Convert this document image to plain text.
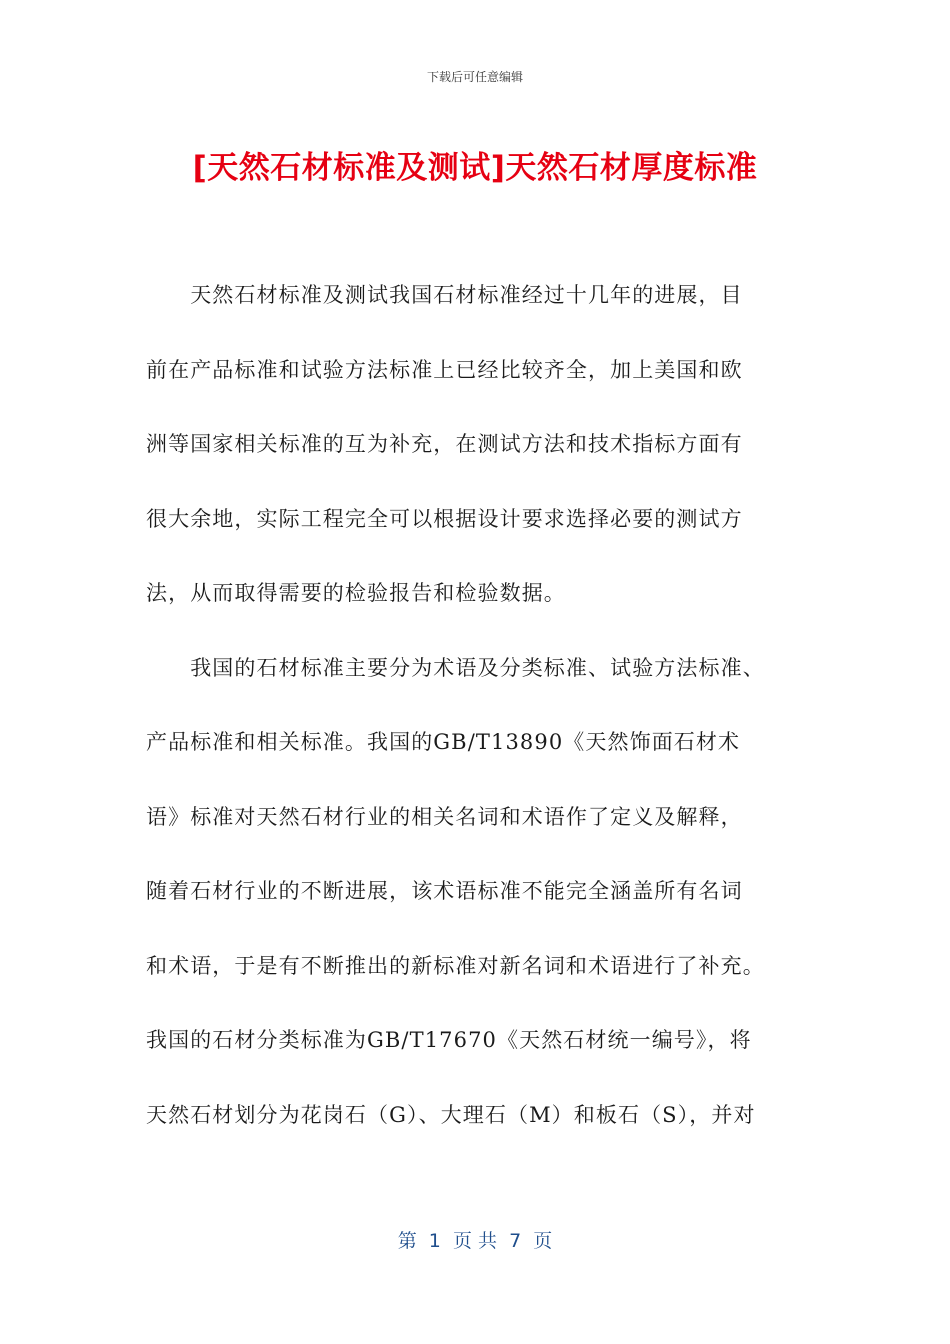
下载后可任意编辑
[天然石材标准及测试]天然石材厚度标准
　　天然石材标准及测试我国石材标准经过十几年的进展，目
前在产品标准和试验方法标准上已经比较齐全，加上美国和欧
洲等国家相关标准的互为补充，在测试方法和技术指标方面有
很大余地，实际工程完全可以根据设计要求选择必要的测试方
法，从而取得需要的检验报告和检验数据。
　　我国的石材标准主要分为术语及分类标准、试验方法标准、
产品标准和相关标准。我国的GB/T13890《天然饰面石材术
语》标准对天然石材行业的相关名词和术语作了定义及解释，
随着石材行业的不断进展，该术语标准不能完全涵盖所有名词
和术语，于是有不断推出的新标准对新名词和术语进行了补充。
我国的石材分类标准为GB/T17670《天然石材统一编号》，将
天然石材划分为花岗石（G）、大理石（M）和板石（S），并对
第  1  页 共  7  页
